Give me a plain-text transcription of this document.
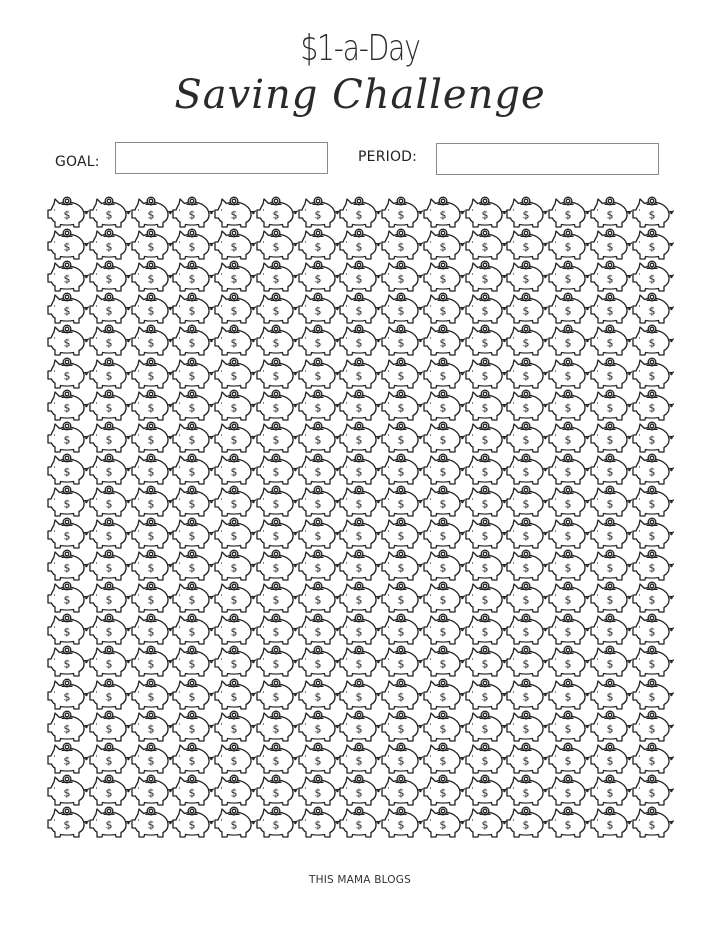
$1-a-Day
Saving Challenge
GOAL:	PERIOD:
$	$	$	$	$	$	$	$	$	$	$	$	$	$	$
$	$	$	$	$	$	$	$	$	$	$	$	$	$	$
$	$	$	$	$	$	$	$	$	$	$	$	$	$	$
$	$	$	$	$	$	$	$	$	$	$	$	$	$	$
$	$	$	$	$	$	$	$	$	$	$	$	$	$	$
$	$	$	$	$	$	$	$	$	$	$	$	$	$	$
$	$	$	$	$	$	$	$	$	$	$	$	$	$	$
$	$	$	$	$	$	$	$	$	$	$	$	$	$	$
$	$	$	$	$	$	$	$	$	$	$	$	$	$	$
$	$	$	$	$	$	$	$	$	$	$	$	$	$	$
$	$	$	$	$	$	$	$	$	$	$	$	$	$	$
$	$	$	$	$	$	$	$	$	$	$	$	$	$	$
$	$	$	$	$	$	$	$	$	$	$	$	$	$	$
$	$	$	$	$	$	$	$	$	$	$	$	$	$	$
$	$	$	$	$	$	$	$	$	$	$	$	$	$	$
$	$	$	$	$	$	$	$	$	$	$	$	$	$	$
$	$	$	$	$	$	$	$	$	$	$	$	$	$	$
$	$	$	$	$	$	$	$	$	$	$	$	$	$	$
$	$	$	$	$	$	$	$	$	$	$	$	$	$	$
$	$	$	$	$	$	$	$	$	$	$	$	$	$	$
THIS MAMA BLOGS
